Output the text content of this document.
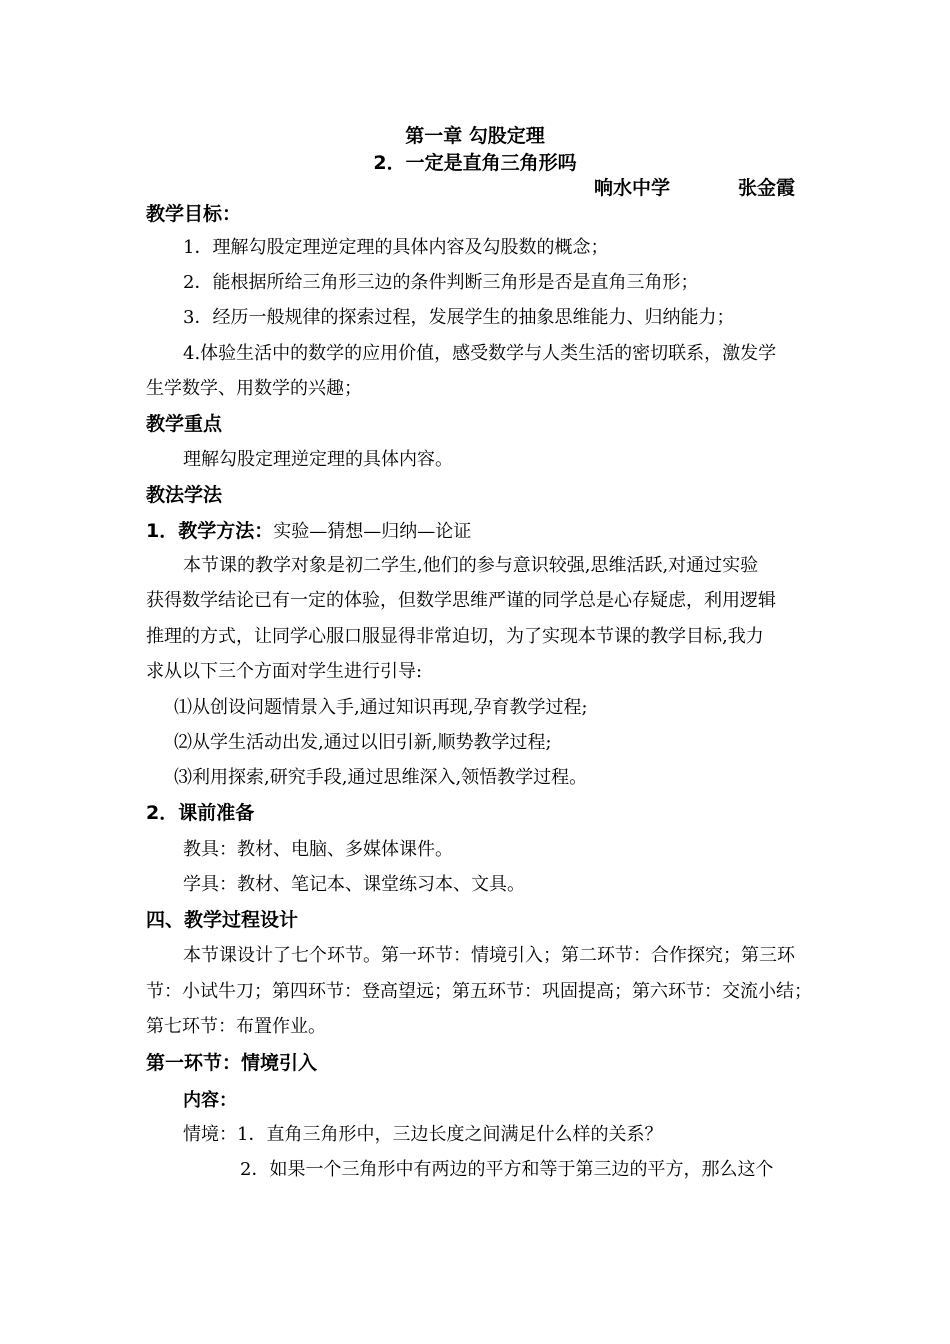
第一章 勾股定理
2．一定是直角三角形吗
响水中学	张金霞
教学目标：
1．理解勾股定理逆定理的具体内容及勾股数的概念；
2．能根据所给三角形三边的条件判断三角形是否是直角三角形；
3．经历一般规律的探索过程，发展学生的抽象思维能力、归纳能力；
4.体验生活中的数学的应用价值，感受数学与人类生活的密切联系，激发学
生学数学、用数学的兴趣；
教学重点
理解勾股定理逆定理的具体内容。
教法学法
1．教学方法：实验—猜想—归纳—论证
本节课的教学对象是初二学生,他们的参与意识较强,思维活跃,对通过实验
获得数学结论已有一定的体验，但数学思维严谨的同学总是心存疑虑，利用逻辑
推理的方式，让同学心服口服显得非常迫切，为了实现本节课的教学目标,我力
求从以下三个方面对学生进行引导:
⑴从创设问题情景入手,通过知识再现,孕育教学过程;
⑵从学生活动出发,通过以旧引新,顺势教学过程;
⑶利用探索,研究手段,通过思维深入,领悟教学过程。
2．课前准备
教具：教材、电脑、多媒体课件。
学具：教材、笔记本、课堂练习本、文具。
四、教学过程设计
本节课设计了七个环节。第一环节：情境引入；第二环节：合作探究；第三环
节：小试牛刀；第四环节：登高望远；第五环节：巩固提高；第六环节：交流小结；
第七环节：布置作业。
第一环节：情境引入
内容：
情境：1．直角三角形中，三边长度之间满足什么样的关系？
2．如果一个三角形中有两边的平方和等于第三边的平方，那么这个
